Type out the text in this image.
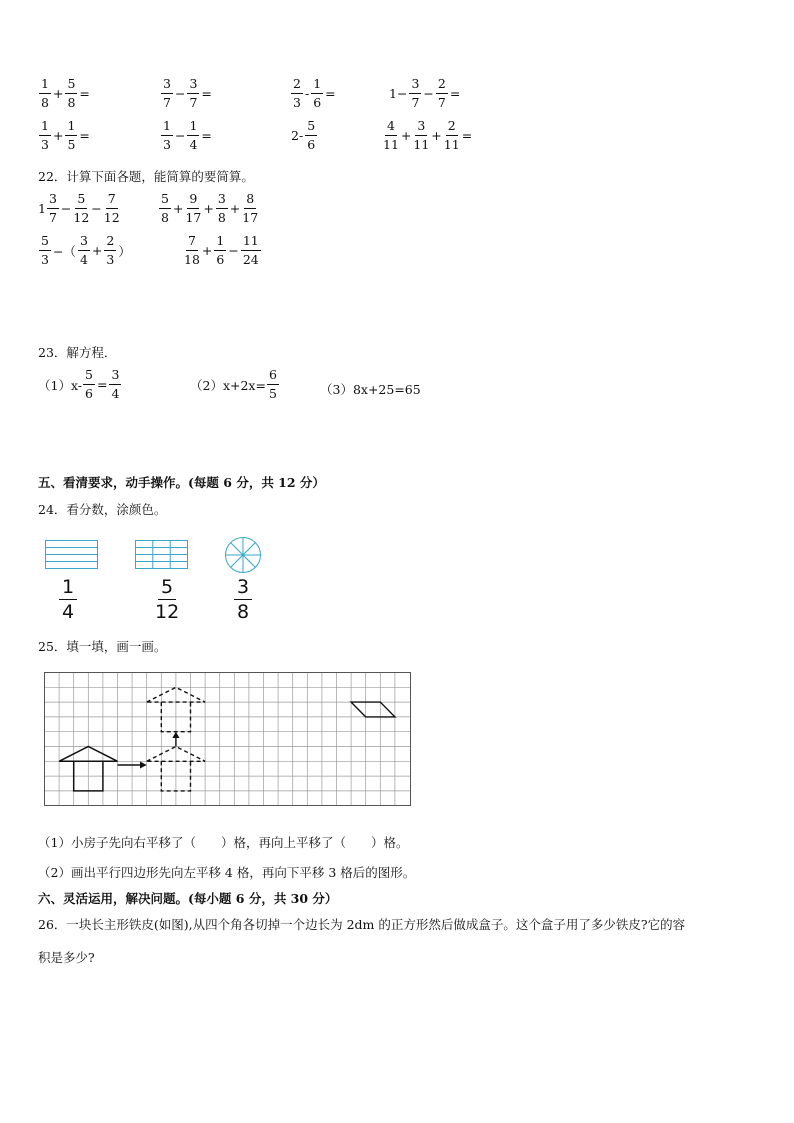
$\frac{1}{8} + \frac{5}{8}$ =	$\frac{3}{7} - \frac{3}{7}$ =	$\frac{2}{3} - \frac{1}{6}$ =	$1- \frac{3}{7} - \frac{2}{7}$ =
$\frac{1}{3} + \frac{1}{5}$ =	$\frac{1}{3} - \frac{1}{4}$ =	$2- \frac{5}{6}$	$\frac{4}{11} + \frac{3}{11} + \frac{2}{11}$ =
22．计算下面各题，能简算的要简算。
$1 \frac{3}{7} - \frac{5}{12} - \frac{7}{12}$	$\frac{5}{8} + \frac{9}{17} + \frac{3}{8} + \frac{8}{17}$
$\frac{5}{3}$ −（ $\frac{3}{4} + \frac{2}{3}$ ）	$\frac{7}{18} + \frac{1}{6} - \frac{11}{24}$
23．解方程．
$(1)x- \frac{5}{6} = \frac{3}{4}$	$(2)x+2x= \frac{6}{5}$	（3）8x+25=65
五、看清要求，动手操作。(每题 6 分，共 12 分）
24．看分数，涂颜色。
$\frac{1}{4}$	$\frac{5}{12}$	$\frac{3}{8}$
25．填一填，画一画。
（1）小房子先向右平移了（　　）格，再向上平移了（　　）格。
（2）画出平行四边形先向左平移 4 格，再向下平移 3 格后的图形。
六、灵活运用，解决问题。(每小题 6 分，共 30 分）
26．一块长主形铁皮(如图),从四个角各切掉一个边长为 2dm 的正方形然后做成盒子。这个盒子用了多少铁皮?它的容
积是多少?
